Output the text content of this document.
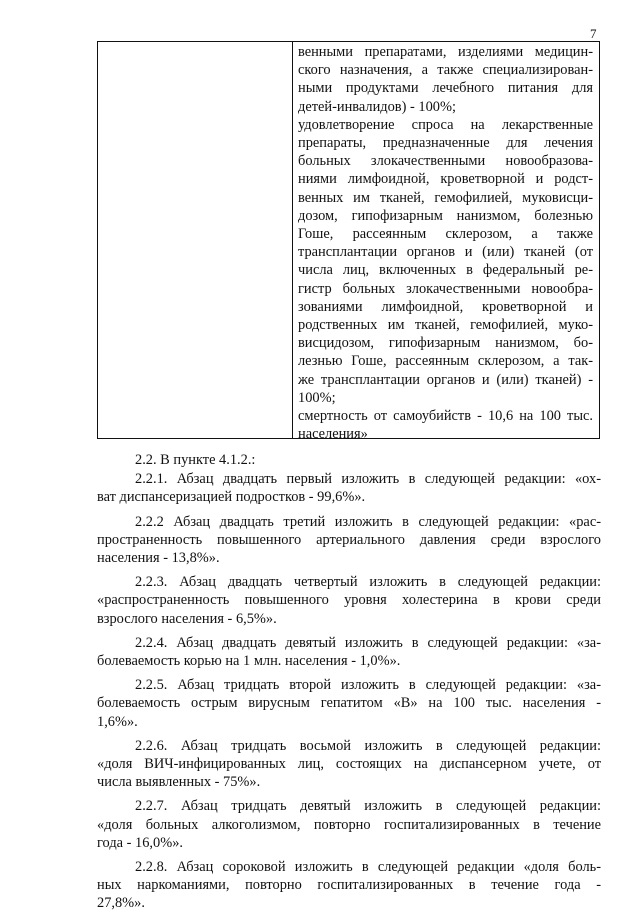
7

венными препаратами, изделиями медицин-

ского назначения, а также специализирован-

ными продуктами лечебного питания для

детей-инвалидов) - 100%;

удовлетворение спроса на лекарственные

препараты, предназначенные для лечения

больных злокачественными новообразова-

ниями лимфоидной, кроветворной и родст-

венных им тканей, гемофилией, муковисци-

дозом, гипофизарным нанизмом, болезнью

Гоше, рассеянным склерозом, а также

трансплантации органов и (или) тканей (от

числа лиц, включенных в федеральный ре-

гистр больных злокачественными новообра-

зованиями лимфоидной, кроветворной и

родственных им тканей, гемофилией, муко-

висцидозом, гипофизарным нанизмом, бо-

лезнью Гоше, рассеянным склерозом, а так-

же трансплантации органов и (или) тканей) -

100%;

смертность от самоубийств - 10,6 на 100 тыс.

населения»

2.2. В пункте 4.1.2.:

2.2.1. Абзац двадцать первый изложить в следующей редакции: «ох-

ват диспансеризацией подростков - 99,6%».

2.2.2 Абзац двадцать третий изложить в следующей редакции: «рас-

пространенность повышенного артериального давления среди взрослого

населения - 13,8%».

2.2.3. Абзац двадцать четвертый изложить в следующей редакции:

«распространенность повышенного уровня холестерина в крови среди

взрослого населения - 6,5%».

2.2.4. Абзац двадцать девятый изложить в следующей редакции: «за-

болеваемость корью на 1 млн. населения - 1,0%».

2.2.5. Абзац тридцать второй изложить в следующей редакции: «за-

болеваемость острым вирусным гепатитом «В» на 100 тыс. населения -

1,6%».

2.2.6. Абзац тридцать восьмой изложить в следующей редакции:

«доля ВИЧ-инфицированных лиц, состоящих на диспансерном учете, от

числа выявленных - 75%».

2.2.7. Абзац тридцать девятый изложить в следующей редакции:

«доля больных алкоголизмом, повторно госпитализированных в течение

года - 16,0%».

2.2.8. Абзац сороковой изложить в следующей редакции «доля боль-

ных наркоманиями, повторно госпитализированных в течение года -

27,8%».
